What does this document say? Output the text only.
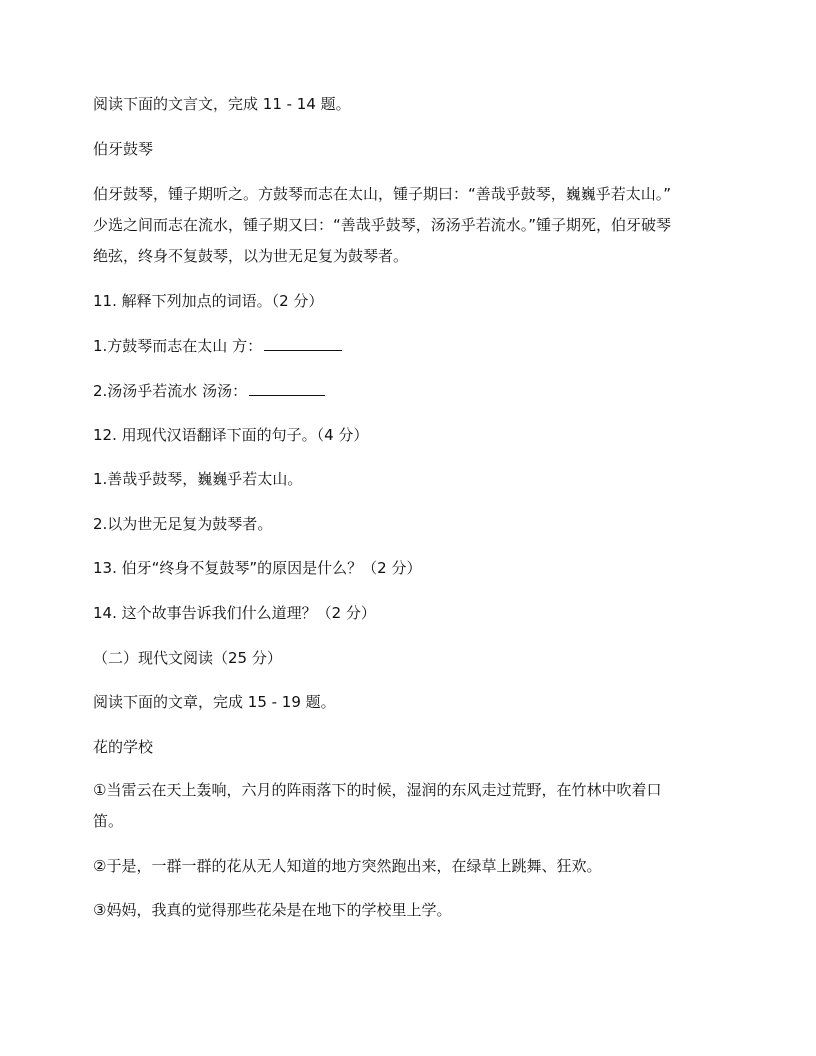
阅读下面的文言文，完成 11 - 14 题。
伯牙鼓琴
伯牙鼓琴，锺子期听之。方鼓琴而志在太山，锺子期曰：“善哉乎鼓琴，巍巍乎若太山。”
少选之间而志在流水，锺子期又曰：“善哉乎鼓琴，汤汤乎若流水。”锺子期死，伯牙破琴
绝弦，终身不复鼓琴，以为世无足复为鼓琴者。
11. 解释下列加点的词语。（2 分）
1.方鼓琴而志在太山 方：
2.汤汤乎若流水 汤汤：
12. 用现代汉语翻译下面的句子。（4 分）
1.善哉乎鼓琴，巍巍乎若太山。
2.以为世无足复为鼓琴者。
13. 伯牙“终身不复鼓琴”的原因是什么？（2 分）
14. 这个故事告诉我们什么道理？（2 分）
（二）现代文阅读（25 分）
阅读下面的文章，完成 15 - 19 题。
花的学校
①当雷云在天上轰响，六月的阵雨落下的时候，湿润的东风走过荒野，在竹林中吹着口
笛。
②于是，一群一群的花从无人知道的地方突然跑出来，在绿草上跳舞、狂欢。
③妈妈，我真的觉得那些花朵是在地下的学校里上学。
